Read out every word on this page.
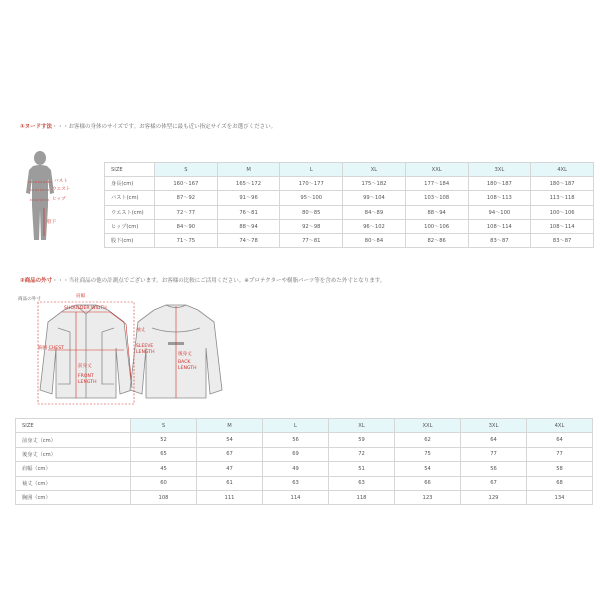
①ヌードす法・・・お客様の身体のサイズです。お客様の体型に最も近い指定サイズをお選びください。
バスト
ウエスト
ヒップ
股下
SIZE	S	M	L	XL	XXL	3XL	4XL
身長(cm)	160〜167	165〜172	170〜177	175〜182	177〜184	180〜187	180〜187
バスト(cm)	87〜92	91〜96	95〜100	99〜104	103〜108	108〜113	113〜118
ウエスト(cm)	72〜77	76〜81	80〜85	84〜89	88〜94	94〜100	100〜106
ヒップ(cm)	84〜90	88〜94	92〜98	96〜102	100〜106	108〜114	108〜114
股下(cm)	71〜75	74〜78	77〜81	80〜84	82〜86	83〜87	83〜87
②商品の外寸・・・当社商品の他の計測点でございます。お客様の比較にご活用ください。※プロテクターや樹脂パーツ等を含めた外寸となります。
商品の外寸
肩幅
SHOULDER WIDTH
袖丈
SLEEVE
LENGTH
胸囲 CHEST
前身丈
FRONT
LENGTH
後身丈
BACK
LENGTH
SIZE	S	M	L	XL	XXL	3XL	4XL
前身丈（cm）	52	54	56	59	62	64	64
後身丈（cm）	65	67	69	72	75	77	77
肩幅（cm）	45	47	49	51	54	56	58
袖丈（cm）	60	61	63	63	66	67	68
胸囲（cm）	108	111	114	118	123	129	134
